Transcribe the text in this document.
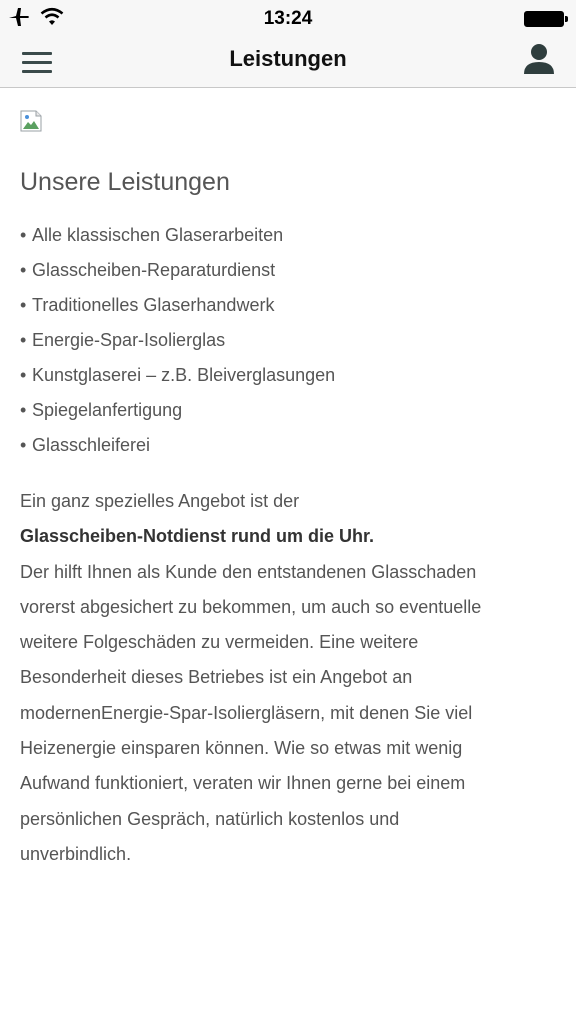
13:24
Leistungen
Unsere Leistungen
• Alle klassischen Glaserarbeiten
• Glasscheiben-Reparaturdienst
• Traditionelles Glaserhandwerk
• Energie-Spar-Isolierglas
• Kunstglaserei – z.B. Bleiverglasungen
• Spiegelanfertigung
• Glasschleiferei
Ein ganz spezielles Angebot ist der
Glasscheiben-Notdienst rund um die Uhr.
Der hilft Ihnen als Kunde den entstandenen Glasschaden
vorerst abgesichert zu bekommen, um auch so eventuelle
weitere Folgeschäden zu vermeiden. Eine weitere
Besonderheit dieses Betriebes ist ein Angebot an
modernenEnergie-Spar-Isoliergläsern, mit denen Sie viel
Heizenergie einsparen können. Wie so etwas mit wenig
Aufwand funktioniert, veraten wir Ihnen gerne bei einem
persönlichen Gespräch, natürlich kostenlos und
unverbindlich.
